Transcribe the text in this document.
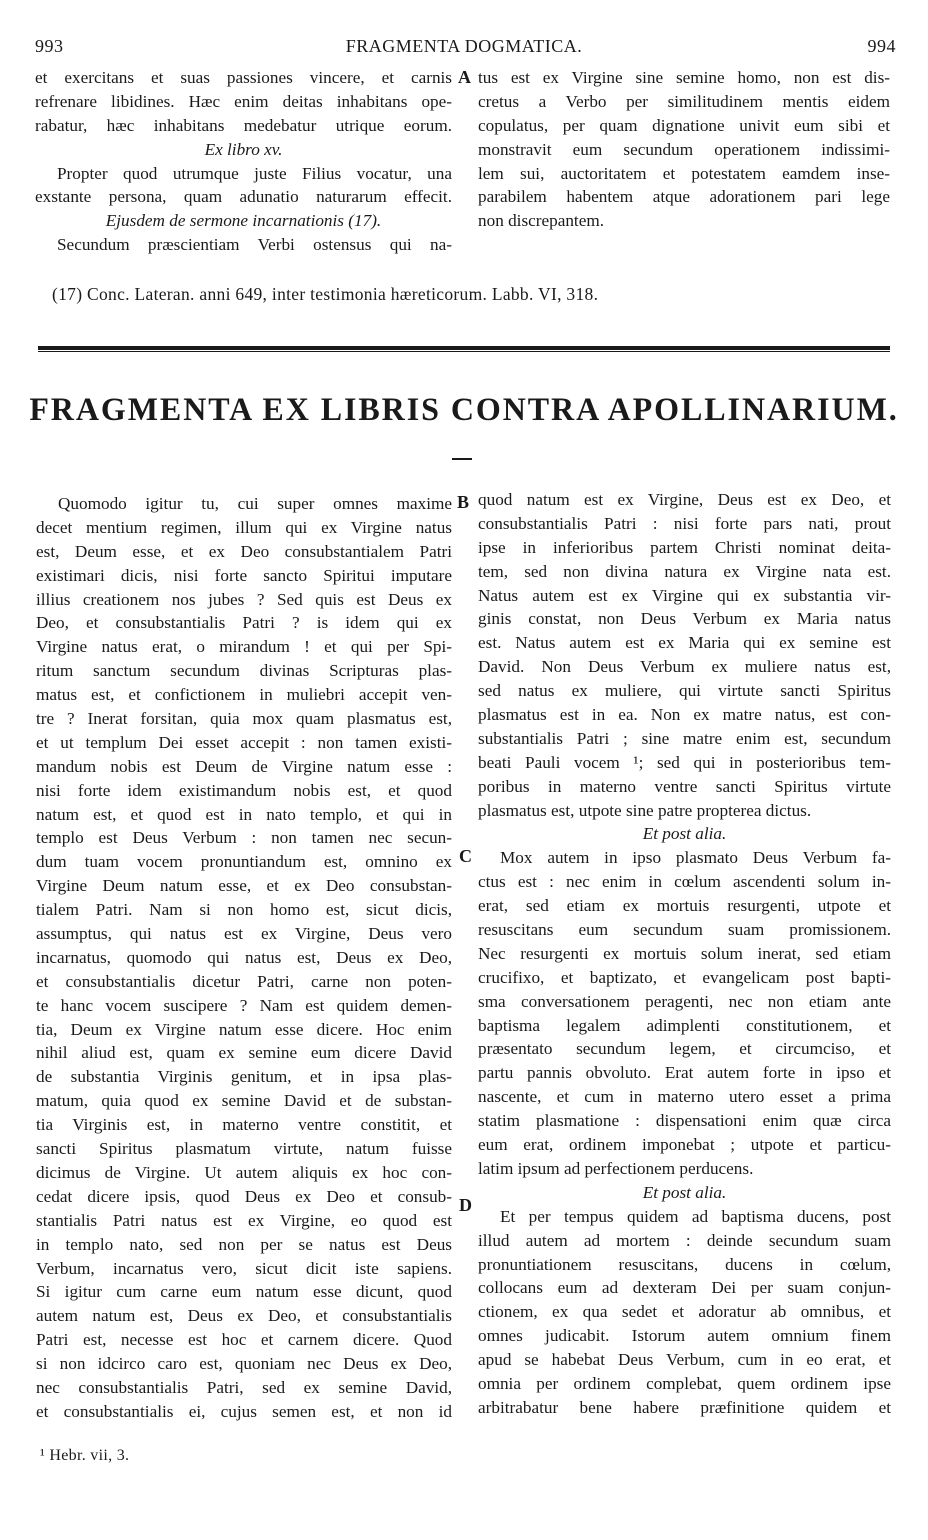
993	FRAGMENTA DOGMATICA.	994
et exercitans et suas passiones vincere, et carnis
refrenare libidines. Hæc enim deitas inhabitans ope-
rabatur, hæc inhabitans medebatur utrique eorum.
Ex libro xv.
Propter quod utrumque juste Filius vocatur, una
exstante persona, quam adunatio naturarum effecit.
Ejusdem de sermone incarnationis (17).
Secundum præscientiam Verbi ostensus qui na-
A tus est ex Virgine sine semine homo, non est dis-
cretus a Verbo per similitudinem mentis eidem
copulatus, per quam dignatione univit eum sibi et
monstravit eum secundum operationem indissimi-
lem sui, auctoritatem et potestatem eamdem inse-
parabilem habentem atque adorationem pari lege
non discrepantem.
(17) Conc. Lateran. anni 649, inter testimonia hæreticorum. Labb. VI, 318.
FRAGMENTA EX LIBRIS CONTRA APOLLINARIUM.
Quomodo igitur tu, cui super omnes maxime
decet mentium regimen, illum qui ex Virgine natus
est, Deum esse, et ex Deo consubstantialem Patri
existimari dicis, nisi forte sancto Spiritui imputare
illius creationem nos jubes ? Sed quis est Deus ex
Deo, et consubstantialis Patri ? is idem qui ex
Virgine natus erat, o mirandum ! et qui per Spi-
ritum sanctum secundum divinas Scripturas plas-
matus est, et confictionem in muliebri accepit ven-
tre ? Inerat forsitan, quia mox quam plasmatus est,
et ut templum Dei esset accepit : non tamen existi-
mandum nobis est Deum de Virgine natum esse :
nisi forte idem existimandum nobis est, et quod
natum est, et quod est in nato templo, et qui in
templo est Deus Verbum : non tamen nec secun-
dum tuam vocem pronuntiandum est, omnino ex
Virgine Deum natum esse, et ex Deo consubstan-
tialem Patri. Nam si non homo est, sicut dicis,
assumptus, qui natus est ex Virgine, Deus vero
incarnatus, quomodo qui natus est, Deus ex Deo,
et consubstantialis dicetur Patri, carne non poten-
te hanc vocem suscipere ? Nam est quidem demen-
tia, Deum ex Virgine natum esse dicere. Hoc enim
nihil aliud est, quam ex semine eum dicere David
de substantia Virginis genitum, et in ipsa plas-
matum, quia quod ex semine David et de substan-
tia Virginis est, in materno ventre constitit, et
sancti Spiritus plasmatum virtute, natum fuisse
dicimus de Virgine. Ut autem aliquis ex hoc con-
cedat dicere ipsis, quod Deus ex Deo et consub-
stantialis Patri natus est ex Virgine, eo quod est
in templo nato, sed non per se natus est Deus
Verbum, incarnatus vero, sicut dicit iste sapiens.
Si igitur cum carne eum natum esse dicunt, quod
autem natum est, Deus ex Deo, et consubstantialis
Patri est, necesse est hoc et carnem dicere. Quod
si non idcirco caro est, quoniam nec Deus ex Deo,
nec consubstantialis Patri, sed ex semine David,
et consubstantialis ei, cujus semen est, et non id
B
C
D
quod natum est ex Virgine, Deus est ex Deo, et
consubstantialis Patri : nisi forte pars nati, prout
ipse in inferioribus partem Christi nominat deita-
tem, sed non divina natura ex Virgine nata est.
Natus autem est ex Virgine qui ex substantia vir-
ginis constat, non Deus Verbum ex Maria natus
est. Natus autem est ex Maria qui ex semine est
David. Non Deus Verbum ex muliere natus est,
sed natus ex muliere, qui virtute sancti Spiritus
plasmatus est in ea. Non ex matre natus, est con-
substantialis Patri ; sine matre enim est, secundum
beati Pauli vocem ¹; sed qui in posterioribus tem-
poribus in materno ventre sancti Spiritus virtute
plasmatus est, utpote sine patre propterea dictus.
Et post alia.
Mox autem in ipso plasmato Deus Verbum fa-
ctus est : nec enim in cœlum ascendenti solum in-
erat, sed etiam ex mortuis resurgenti, utpote et
resuscitans eum secundum suam promissionem.
Nec resurgenti ex mortuis solum inerat, sed etiam
crucifixo, et baptizato, et evangelicam post bapti-
sma conversationem peragenti, nec non etiam ante
baptisma legalem adimplenti constitutionem, et
præsentato secundum legem, et circumciso, et
partu pannis obvoluto. Erat autem forte in ipso et
nascente, et cum in materno utero esset a prima
statim plasmatione : dispensationi enim quæ circa
eum erat, ordinem imponebat ; utpote et particu-
latim ipsum ad perfectionem perducens.
Et post alia.
Et per tempus quidem ad baptisma ducens, post
illud autem ad mortem : deinde secundum suam
pronuntiationem resuscitans, ducens in cœlum,
collocans eum ad dexteram Dei per suam conjun-
ctionem, ex qua sedet et adoratur ab omnibus, et
omnes judicabit. Istorum autem omnium finem
apud se habebat Deus Verbum, cum in eo erat, et
omnia per ordinem complebat, quem ordinem ipse
arbitrabatur bene habere præfinitione quidem et
¹ Hebr. vii, 3.
